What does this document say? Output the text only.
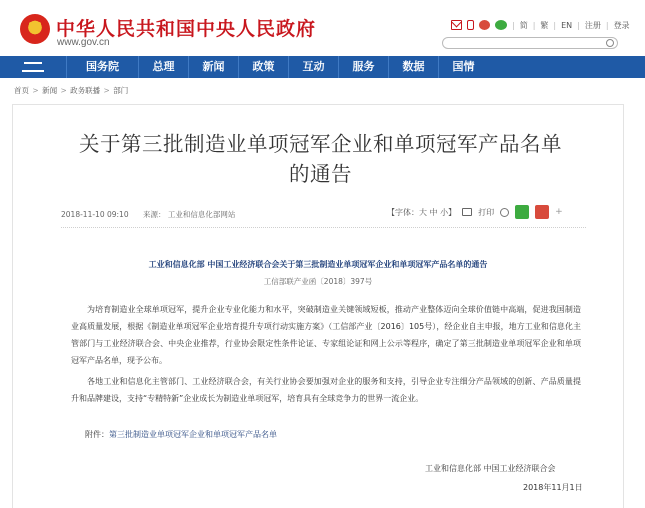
中华人民共和国中央人民政府
www.gov.cn
| 简 | 繁 | EN | 注册 | 登录
国务院	总理	新闻	政策	互动	服务	数据	国情
首页 > 新闻 > 政务联播 > 部门
关于第三批制造业单项冠军企业和单项冠军产品名单
的通告
2018-11-10 09:10 来源： 工业和信息化部网站	【字体：大 中 小】	打印	+
工业和信息化部 中国工业经济联合会关于第三批制造业单项冠军企业和单项冠军产品名单的通告
工信部联产业函〔2018〕397号
为培育制造业全球单项冠军，提升企业专业化能力和水平，突破制造业关键领域短板，推动产业整体迈向全球价值链中高端，促进我国制造业高质量发展，根据《制造业单项冠军企业培育提升专项行动实施方案》（工信部产业〔2016〕105号），经企业自主申报，地方工业和信息化主管部门与工业经济联合会、中央企业推荐，行业协会限定性条件论证、专家组论证和网上公示等程序，确定了第三批制造业单项冠军企业和单项冠军产品名单，现予公布。
各地工业和信息化主管部门、工业经济联合会，有关行业协会要加强对企业的服务和支持，引导企业专注细分产品领域的创新、产品质量提升和品牌建设，支持“专精特新”企业成长为制造业单项冠军，培育具有全球竞争力的世界一流企业。
附件：第三批制造业单项冠军企业和单项冠军产品名单
工业和信息化部 中国工业经济联合会
2018年11月1日
